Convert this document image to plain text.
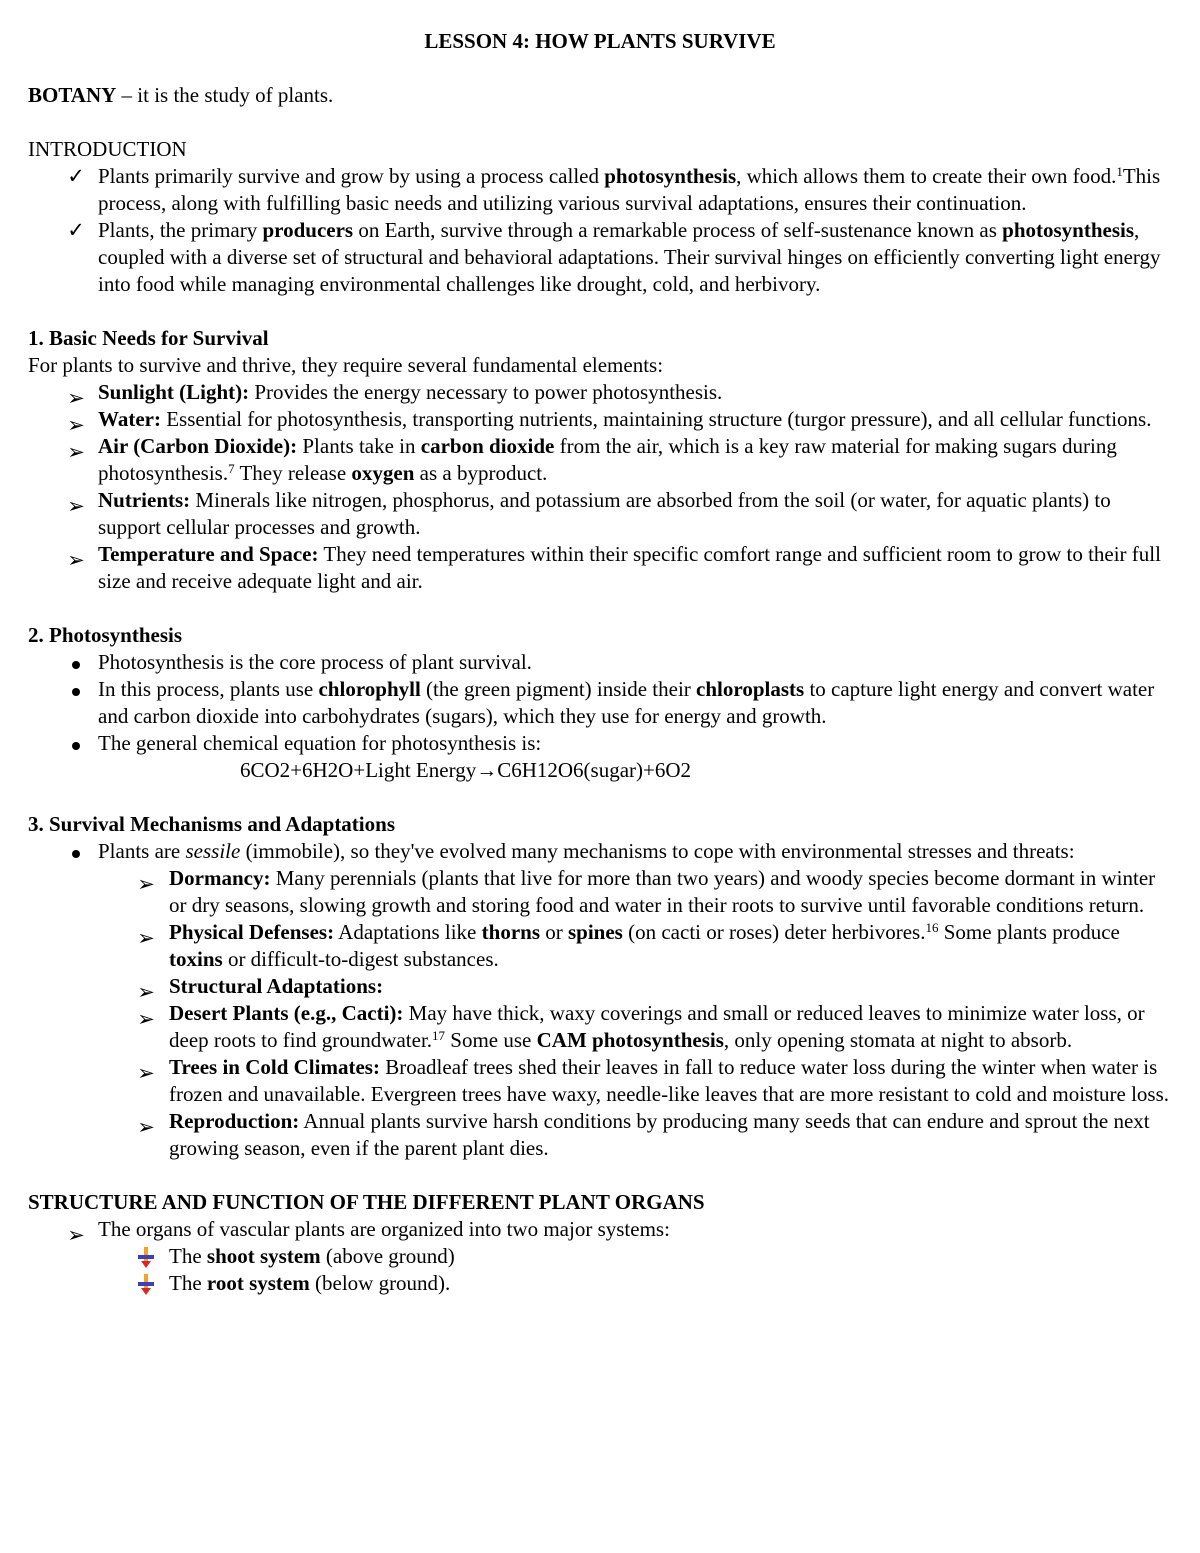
LESSON 4: HOW PLANTS SURVIVE

BOTANY – it is the study of plants.

INTRODUCTION

✓ Plants primarily survive and grow by using a process called photosynthesis, which allows them to create their own food.$^1$This process, along with fulfilling basic needs and utilizing various survival adaptations, ensures their continuation.
✓ Plants, the primary producers on Earth, survive through a remarkable process of self-sustenance known as photosynthesis, coupled with a diverse set of structural and behavioral adaptations. Their survival hinges on efficiently converting light energy into food while managing environmental challenges like drought, cold, and herbivory.

1. Basic Needs for Survival

For plants to survive and thrive, they require several fundamental elements:

➢ Sunlight (Light): Provides the energy necessary to power photosynthesis.
➢ Water: Essential for photosynthesis, transporting nutrients, maintaining structure (turgor pressure), and all cellular functions.
➢ Air (Carbon Dioxide): Plants take in carbon dioxide from the air, which is a key raw material for making sugars during photosynthesis.$^7$ They release oxygen as a byproduct.
➢ Nutrients: Minerals like nitrogen, phosphorus, and potassium are absorbed from the soil (or water, for aquatic plants) to support cellular processes and growth.
➢ Temperature and Space: They need temperatures within their specific comfort range and sufficient room to grow to their full size and receive adequate light and air.

2. Photosynthesis

Photosynthesis is the core process of plant survival.
In this process, plants use chlorophyll (the green pigment) inside their chloroplasts to capture light energy and convert water and carbon dioxide into carbohydrates (sugars), which they use for energy and growth.
The general chemical equation for photosynthesis is:

6CO2+6H2O+Light Energy→C6H12O6(sugar)+6O2

3. Survival Mechanisms and Adaptations

Plants are sessile (immobile), so they've evolved many mechanisms to cope with environmental stresses and threats:
➢ Dormancy: Many perennials (plants that live for more than two years) and woody species become dormant in winter or dry seasons, slowing growth and storing food and water in their roots to survive until favorable conditions return.
➢ Physical Defenses: Adaptations like thorns or spines (on cacti or roses) deter herbivores.$^{16}$ Some plants produce toxins or difficult-to-digest substances.
➢ Structural Adaptations:
➢ Desert Plants (e.g., Cacti): May have thick, waxy coverings and small or reduced leaves to minimize water loss, or deep roots to find groundwater.$^{17}$ Some use CAM photosynthesis, only opening stomata at night to absorb.
➢ Trees in Cold Climates: Broadleaf trees shed their leaves in fall to reduce water loss during the winter when water is frozen and unavailable. Evergreen trees have waxy, needle-like leaves that are more resistant to cold and moisture loss.
➢ Reproduction: Annual plants survive harsh conditions by producing many seeds that can endure and sprout the next growing season, even if the parent plant dies.

STRUCTURE AND FUNCTION OF THE DIFFERENT PLANT ORGANS

➢ The organs of vascular plants are organized into two major systems:
The shoot system (above ground)
The root system (below ground).
